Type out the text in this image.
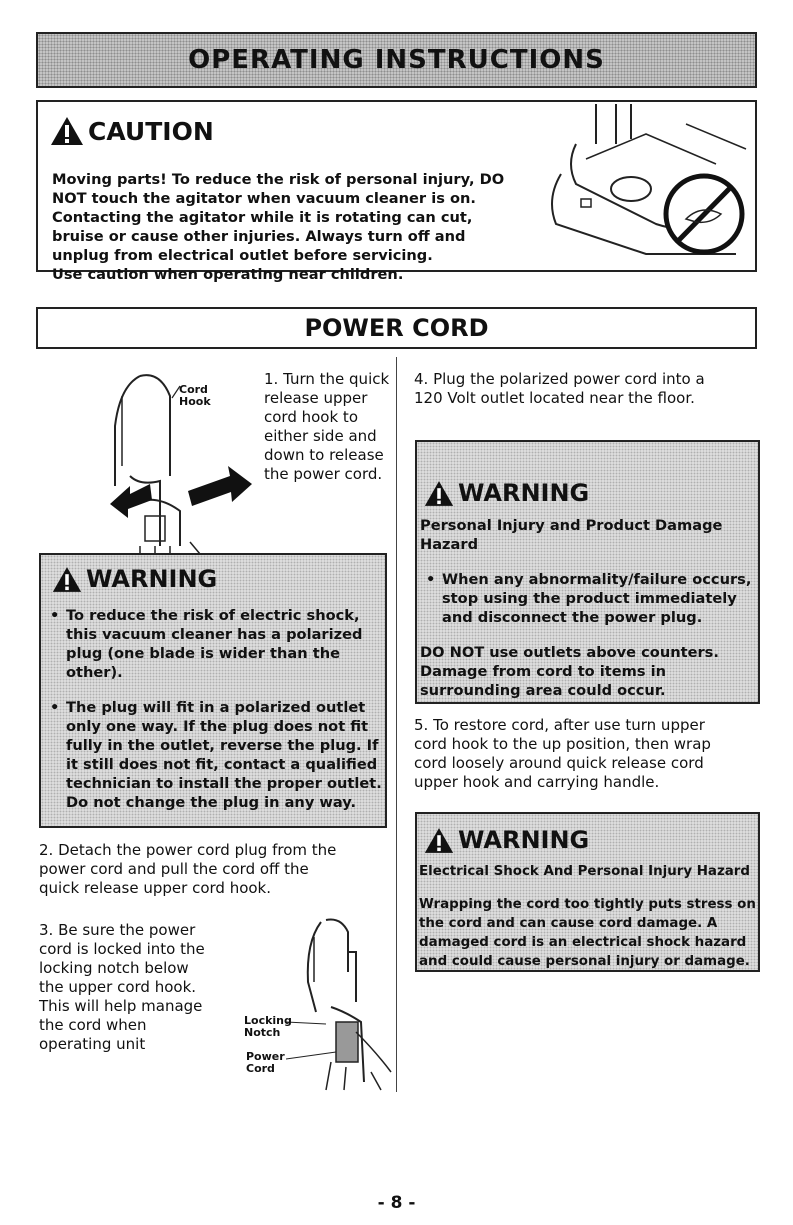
OPERATING INSTRUCTIONS
CAUTION

Moving parts! To reduce the risk of personal injury, DO

NOT touch the agitator when vacuum cleaner is on.

Contacting the agitator while it is rotating can cut,

bruise or cause other injuries. Always turn off and

unplug from electrical outlet before servicing.

Use caution when operating near children.

POWER CORD
Cord
Hook

1. Turn the quick

release upper

cord hook to

either side and

down to release

the power cord.

WARNING

• To reduce the risk of electric shock,

this vacuum cleaner has a polarized

plug (one blade is wider than the

other).

• The plug will fit in a polarized outlet

only one way. If the plug does not fit

fully in the outlet, reverse the plug. If

it still does not fit, contact a qualified

technician to install the proper outlet.

Do not change the plug in any way.

2. Detach the power cord plug from the

power cord and pull the cord off the

quick release upper cord hook.

3. Be sure the power

cord is locked into the

locking notch below

the upper cord hook.

This will help manage

the cord when

operating unit

Locking
Notch
Power
Cord

4. Plug the polarized power cord into a

120 Volt outlet located near the floor.

WARNING

Personal Injury and Product Damage

Hazard

• When any abnormality/failure occurs,

stop using the product immediately

and disconnect the power plug.

DO NOT use outlets above counters.

Damage from cord to items in

surrounding area could occur.

5. To restore cord, after use turn upper

cord hook to the up position, then wrap

cord loosely around quick release cord

upper hook and carrying handle.

WARNING

Electrical Shock And Personal Injury Hazard

Wrapping the cord too tightly puts stress on

the cord and can cause cord damage. A

damaged cord is an electrical shock hazard

and could cause personal injury or damage.

- 8 -
